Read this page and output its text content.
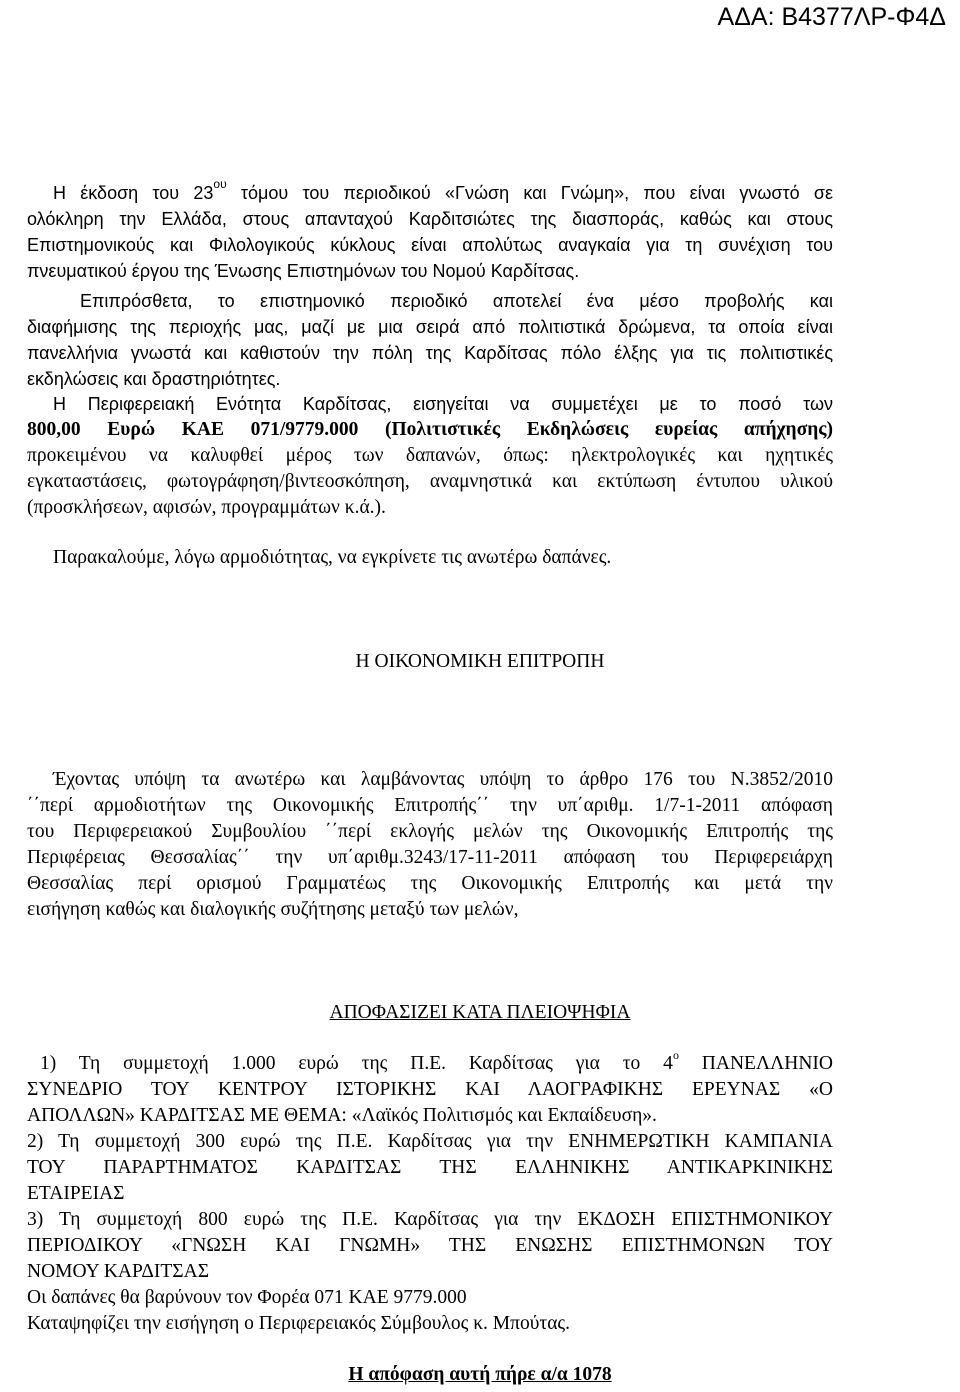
ΑΔΑ: Β4377ΛΡ-Φ4Δ

Η έκδοση του $23^{o\upsilon}$ τόμου του περιοδικού «Γνώση και Γνώμη», που είναι γνωστό σε

ολόκληρη την Ελλάδα, στους απανταχού Καρδιτσιώτες της διασποράς, καθώς και στους

Επιστημονικούς και Φιλολογικούς κύκλους είναι απολύτως αναγκαία για τη συνέχιση του

πνευματικού έργου της Ένωσης Επιστημόνων του Νομού Καρδίτσας.

Επιπρόσθετα, το επιστημονικό περιοδικό αποτελεί ένα μέσο προβολής και

διαφήμισης της περιοχής μας, μαζί με μια σειρά από πολιτιστικά δρώμενα, τα οποία είναι

πανελλήνια γνωστά και καθιστούν την πόλη της Καρδίτσας πόλο έλξης για τις πολιτιστικές

εκδηλώσεις και δραστηριότητες.

Η Περιφερειακή Ενότητα Καρδίτσας, εισηγείται να συμμετέχει με το ποσό των

800,00 Ευρώ ΚΑΕ 071/9779.000 (Πολιτιστικές Εκδηλώσεις ευρείας απήχησης)

προκειμένου να καλυφθεί μέρος των δαπανών, όπως: ηλεκτρολογικές και ηχητικές

εγκαταστάσεις, φωτογράφηση/βιντεοσκόπηση, αναμνηστικά και εκτύπωση έντυπου υλικού

(προσκλήσεων, αφισών, προγραμμάτων κ.ά.).

Παρακαλούμε, λόγω αρμοδιότητας, να εγκρίνετε τις ανωτέρω δαπάνες.

Η ΟΙΚΟΝΟΜΙΚΗ ΕΠΙΤΡΟΠΗ

Έχοντας υπόψη τα ανωτέρω και λαμβάνοντας υπόψη το άρθρο 176 του Ν.3852/2010

΄΄περί αρμοδιοτήτων της Οικονομικής Επιτροπής΄΄ την υπ΄αριθμ. 1/7-1-2011 απόφαση

του Περιφερειακού Συμβουλίου ΄΄περί εκλογής μελών της Οικονομικής Επιτροπής της

Περιφέρειας Θεσσαλίας΄΄ την υπ΄αριθμ.3243/17-11-2011 απόφαση του Περιφερειάρχη

Θεσσαλίας περί ορισμού Γραμματέως της Οικονομικής Επιτροπής και μετά την

εισήγηση καθώς και διαλογικής συζήτησης μεταξύ των μελών,

ΑΠΟΦΑΣΙΖΕΙ ΚΑΤΑ ΠΛΕΙΟΨΗΦΙΑ

1) Τη συμμετοχή 1.000 ευρώ της Π.Ε. Καρδίτσας για το $4^o$ ΠΑΝΕΛΛΗΝΙΟ

ΣΥΝΕΔΡΙΟ ΤΟΥ ΚΕΝΤΡΟΥ ΙΣΤΟΡΙΚΗΣ ΚΑΙ ΛΑΟΓΡΑΦΙΚΗΣ ΕΡΕΥΝΑΣ «Ο

ΑΠΟΛΛΩΝ» ΚΑΡΔΙΤΣΑΣ ΜΕ ΘΕΜΑ: «Λαϊκός Πολιτισμός και Εκπαίδευση».

2) Τη συμμετοχή 300 ευρώ της Π.Ε. Καρδίτσας για την ΕΝΗΜΕΡΩΤΙΚΗ ΚΑΜΠΑΝΙΑ

ΤΟΥ ΠΑΡΑΡΤΗΜΑΤΟΣ ΚΑΡΔΙΤΣΑΣ ΤΗΣ ΕΛΛΗΝΙΚΗΣ ΑΝΤΙΚΑΡΚΙΝΙΚΗΣ

ΕΤΑΙΡΕΙΑΣ

3) Τη συμμετοχή 800 ευρώ της Π.Ε. Καρδίτσας για την ΕΚΔΟΣΗ ΕΠΙΣΤΗΜΟΝΙΚΟΥ

ΠΕΡΙΟΔΙΚΟΥ «ΓΝΩΣΗ ΚΑΙ ΓΝΩΜΗ» ΤΗΣ ΕΝΩΣΗΣ ΕΠΙΣΤΗΜΟΝΩΝ ΤΟΥ

ΝΟΜΟΥ ΚΑΡΔΙΤΣΑΣ

Οι δαπάνες θα βαρύνουν τον Φορέα 071 ΚΑΕ 9779.000

Καταψηφίζει την εισήγηση ο Περιφερειακός Σύμβουλος κ. Μπούτας.

Η απόφαση αυτή πήρε α/α 1078
